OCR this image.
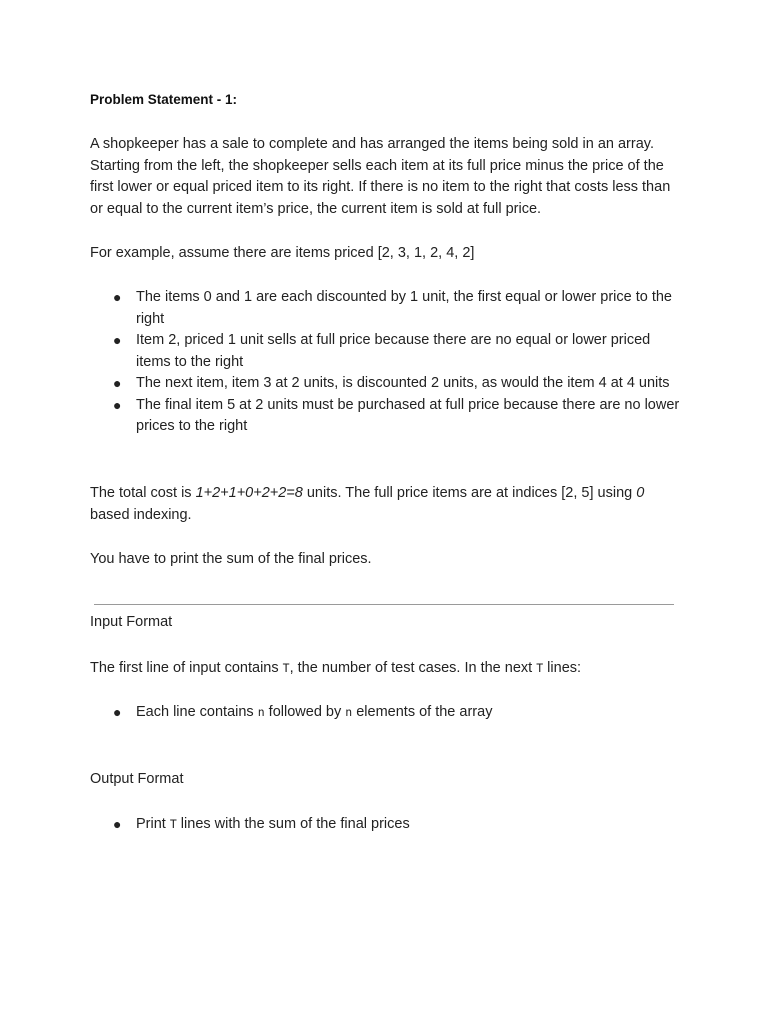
Problem Statement - 1:
A shopkeeper has a sale to complete and has arranged the items being sold in an array. Starting from the left, the shopkeeper sells each item at its full price minus the price of the first lower or equal priced item to its right. If there is no item to the right that costs less than or equal to the current item’s price, the current item is sold at full price.
For example, assume there are items priced [2, 3, 1, 2, 4, 2]
● The items 0 and 1 are each discounted by 1 unit, the first equal or lower price to the right
● Item 2, priced 1 unit sells at full price because there are no equal or lower priced items to the right
● The next item, item 3 at 2 units, is discounted 2 units, as would the item 4 at 4 units
● The final item 5 at 2 units must be purchased at full price because there are no lower prices to the right
The total cost is 1+2+1+0+2+2=8 units. The full price items are at indices [2, 5] using 0 based indexing.
You have to print the sum of the final prices.
Input Format
The first line of input contains T, the number of test cases. In the next T lines:
● Each line contains n followed by n elements of the array
Output Format
● Print T lines with the sum of the final prices
